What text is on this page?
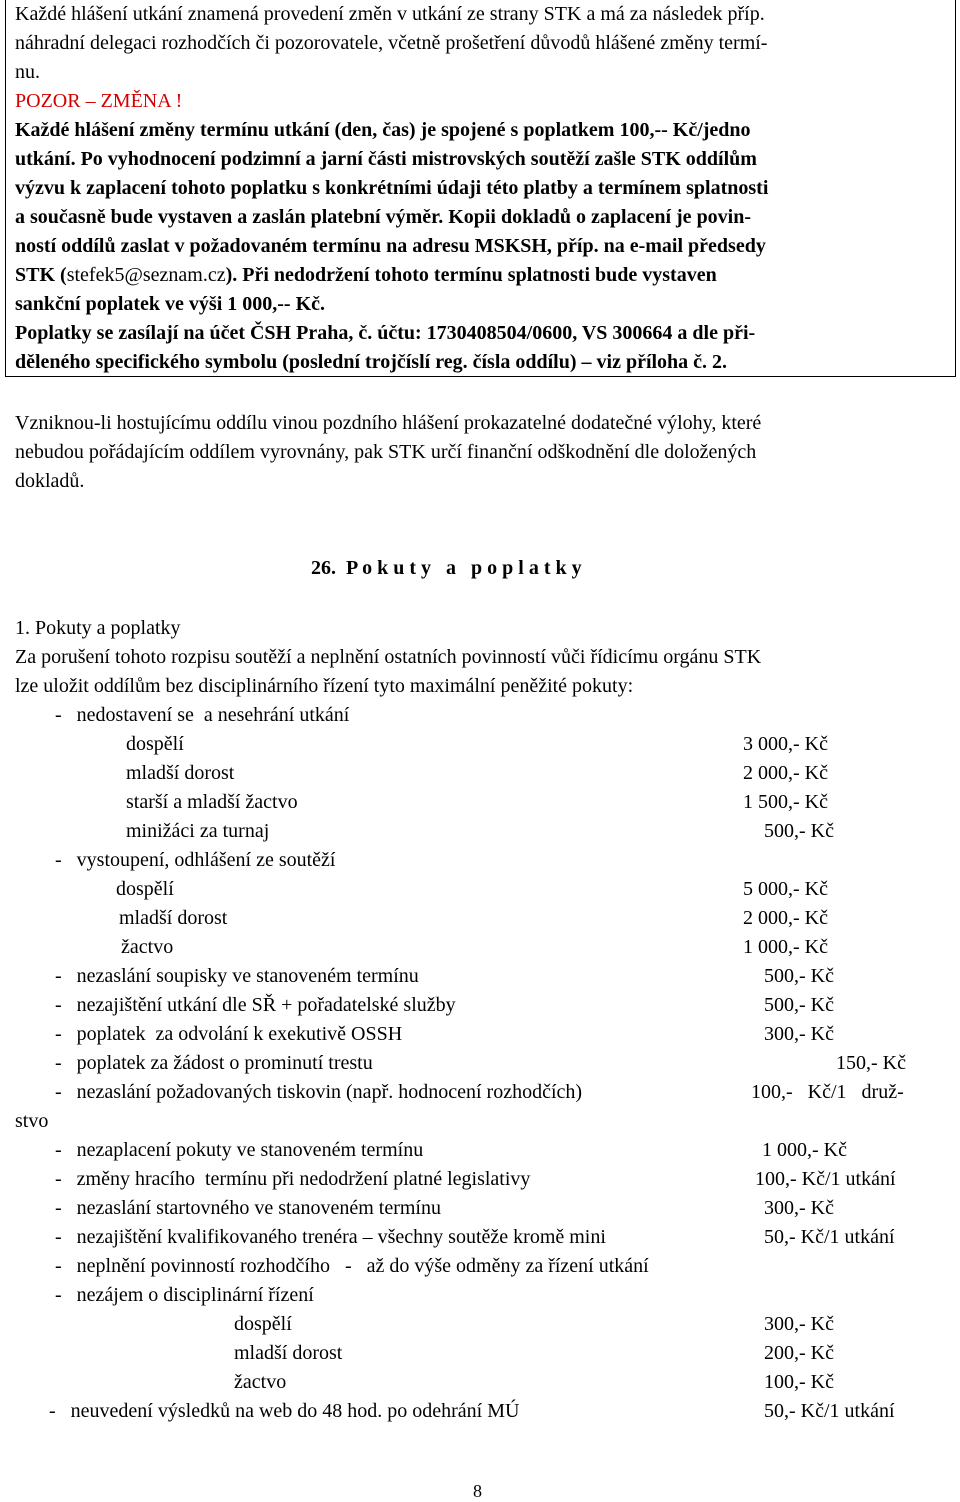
Každé hlášení utkání znamená provedení změn v utkání ze strany STK a má za následek příp.
náhradní delegaci rozhodčích či pozorovatele, včetně prošetření důvodů hlášené změny termí-
nu.
POZOR – ZMĚNA !
Každé hlášení změny termínu utkání (den, čas) je spojené s poplatkem 100,-- Kč/jedno
utkání. Po vyhodnocení podzimní a jarní části mistrovských soutěží zašle STK oddílům
výzvu k zaplacení tohoto poplatku s konkrétními údaji této platby a termínem splatnosti
a současně bude vystaven a zaslán platební výměr. Kopii dokladů o zaplacení je povin-
ností oddílů zaslat v požadovaném termínu na adresu MSKSH, příp. na e-mail předsedy
STK (stefek5@seznam.cz). Při nedodržení tohoto termínu splatnosti bude vystaven
sankční poplatek ve výši 1 000,-- Kč.
Poplatky se zasílají na účet ČSH Praha, č. účtu: 1730408504/0600, VS 300664 a dle při-
děleného specifického symbolu (poslední trojčíslí reg. čísla oddílu) – viz příloha č. 2.
Vzniknou-li hostujícímu oddílu vinou pozdního hlášení prokazatelné dodatečné výlohy, které
nebudou pořádajícím oddílem vyrovnány, pak STK určí finanční odškodnění dle doložených
dokladů.
26.  P o k u t y   a   p o p l a t k y
1. Pokuty a poplatky
Za porušení tohoto rozpisu soutěží a neplnění ostatních povinností vůči řídicímu orgánu STK
lze uložit oddílům bez disciplinárního řízení tyto maximální peněžité pokuty:
-   nedostavení se  a nesehrání utkání
dospělí	3 000,- Kč
mladší dorost	2 000,- Kč
starší a mladší žactvo	1 500,- Kč
minižáci za turnaj	500,- Kč
-   vystoupení, odhlášení ze soutěží
dospělí	5 000,- Kč
mladší dorost	2 000,- Kč
žactvo	1 000,- Kč
-   nezaslání soupisky ve stanoveném termínu	500,- Kč
-   nezajištění utkání dle SŘ + pořadatelské služby	500,- Kč
-   poplatek  za odvolání k exekutivě OSSH	300,- Kč
-   poplatek za žádost o prominutí trestu	150,- Kč
-   nezaslání požadovaných tiskovin (např. hodnocení rozhodčích)	100,-   Kč/1   druž-
stvo
-   nezaplacení pokuty ve stanoveném termínu	1 000,- Kč
-   změny hracího  termínu při nedodržení platné legislativy	100,- Kč/1 utkání
-   nezaslání startovného ve stanoveném termínu	300,- Kč
-   nezajištění kvalifikovaného trenéra – všechny soutěže kromě mini	50,- Kč/1 utkání
-   neplnění povinností rozhodčího   -   až do výše odměny za řízení utkání
-   nezájem o disciplinární řízení
dospělí	300,- Kč
mladší dorost	200,- Kč
žactvo	100,- Kč
-   neuvedení výsledků na web do 48 hod. po odehrání MÚ	50,- Kč/1 utkání
8
